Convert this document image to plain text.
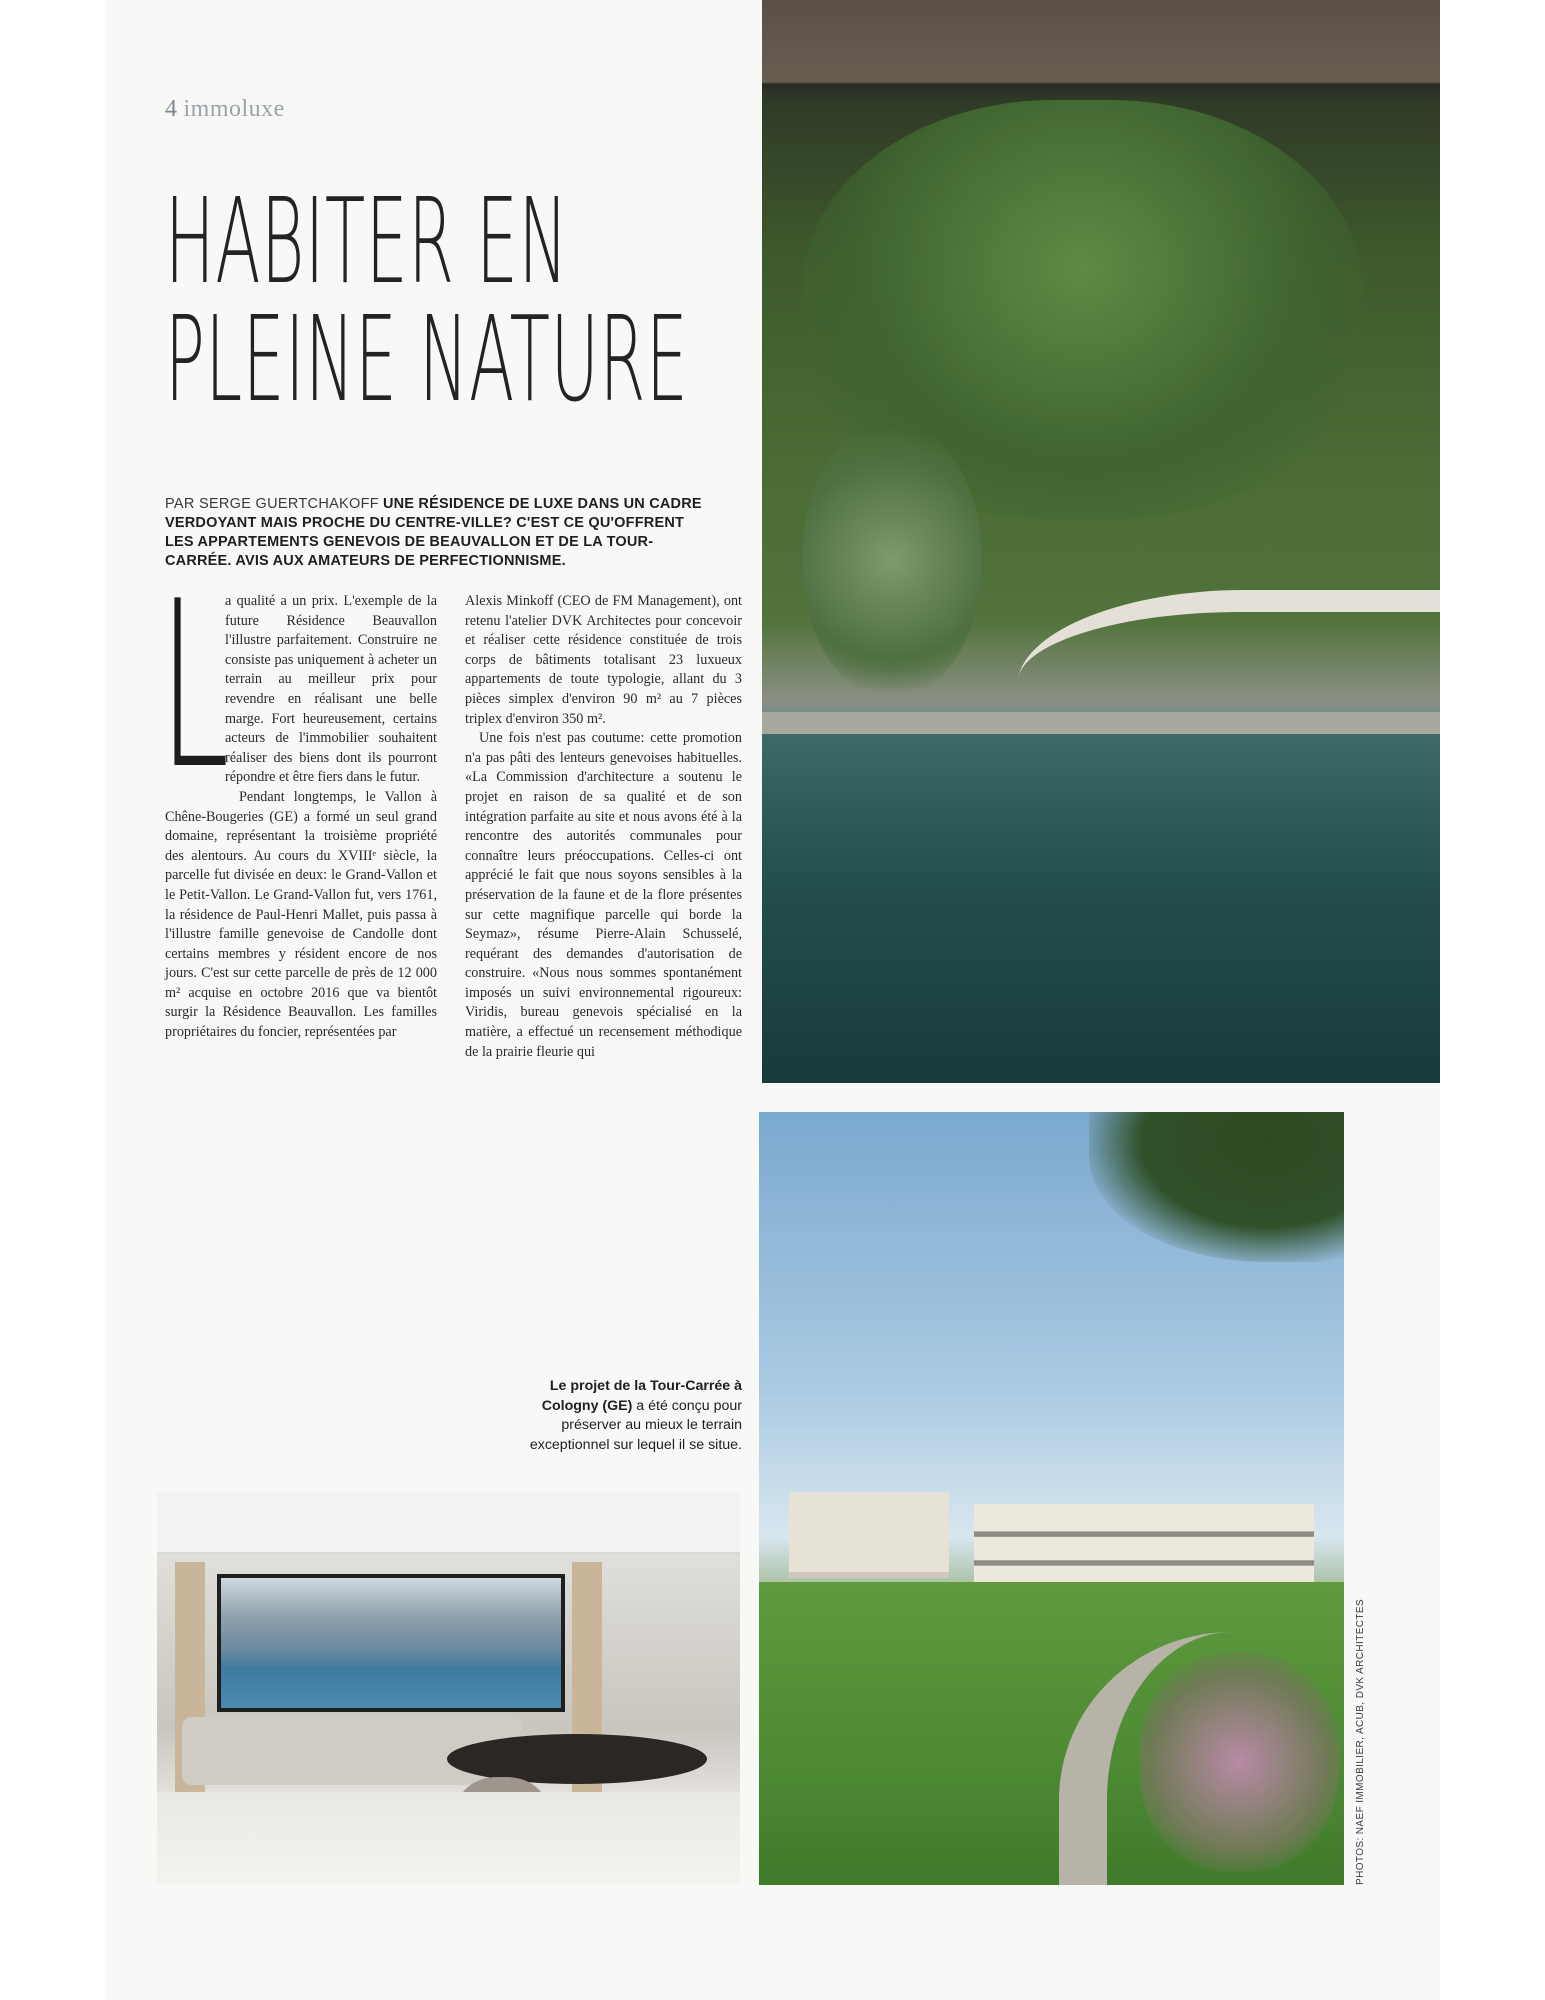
4 immoluxe
HABITER EN
PLEINE NATURE
PAR SERGE GUERTCHAKOFF UNE RÉSIDENCE DE LUXE DANS UN CADRE VERDOYANT MAIS PROCHE DU CENTRE-VILLE? C'EST CE QU'OFFRENT LES APPARTEMENTS GENEVOIS DE BEAUVALLON ET DE LA TOUR-CARRÉE. AVIS AUX AMATEURS DE PERFECTIONNISME.
L

a qualité a un prix. L'exemple de la future Résidence Beauvallon l'illustre parfaitement. Construire ne consiste pas uniquement à acheter un terrain au meilleur prix pour revendre en réalisant une belle marge. Fort heureusement, certains acteurs de l'immobilier souhaitent réaliser des biens dont ils pourront répondre et être fiers dans le futur.

Pendant longtemps, le Vallon à Chêne-Bougeries (GE) a formé un seul grand domaine, représentant la troisième propriété des alentours. Au cours du XVIIIᵉ siècle, la parcelle fut divisée en deux: le Grand-Vallon et le Petit-Vallon. Le Grand-Vallon fut, vers 1761, la résidence de Paul-Henri Mallet, puis passa à l'illustre famille genevoise de Candolle dont certains membres y résident encore de nos jours. C'est sur cette parcelle de près de 12 000 m² acquise en octobre 2016 que va bientôt surgir la Résidence Beauvallon. Les familles propriétaires du foncier, représentées par

Alexis Minkoff (CEO de FM Management), ont retenu l'atelier DVK Architectes pour concevoir et réaliser cette résidence constituée de trois corps de bâtiments totalisant 23 luxueux appartements de toute typologie, allant du 3 pièces simplex d'environ 90 m² au 7 pièces triplex d'environ 350 m².

Une fois n'est pas coutume: cette promotion n'a pas pâti des lenteurs genevoises habituelles. «La Commission d'architecture a soutenu le projet en raison de sa qualité et de son intégration parfaite au site et nous avons été à la rencontre des autorités communales pour connaître leurs préoccupations. Celles-ci ont apprécié le fait que nous soyons sensibles à la préservation de la faune et de la flore présentes sur cette magnifique parcelle qui borde la Seymaz», résume Pierre-Alain Schusselé, requérant des demandes d'autorisation de construire. «Nous nous sommes spontanément imposés un suivi environnemental rigoureux: Viridis, bureau genevois spécialisé en la matière, a effectué un recensement méthodique de la prairie fleurie qui

Le projet de la Tour-Carrée à Cologny (GE) a été conçu pour préserver au mieux le terrain exceptionnel sur lequel il se situe.
PHOTOS: NAEF IMMOBILIER, ACUB, DVK ARCHITECTES
